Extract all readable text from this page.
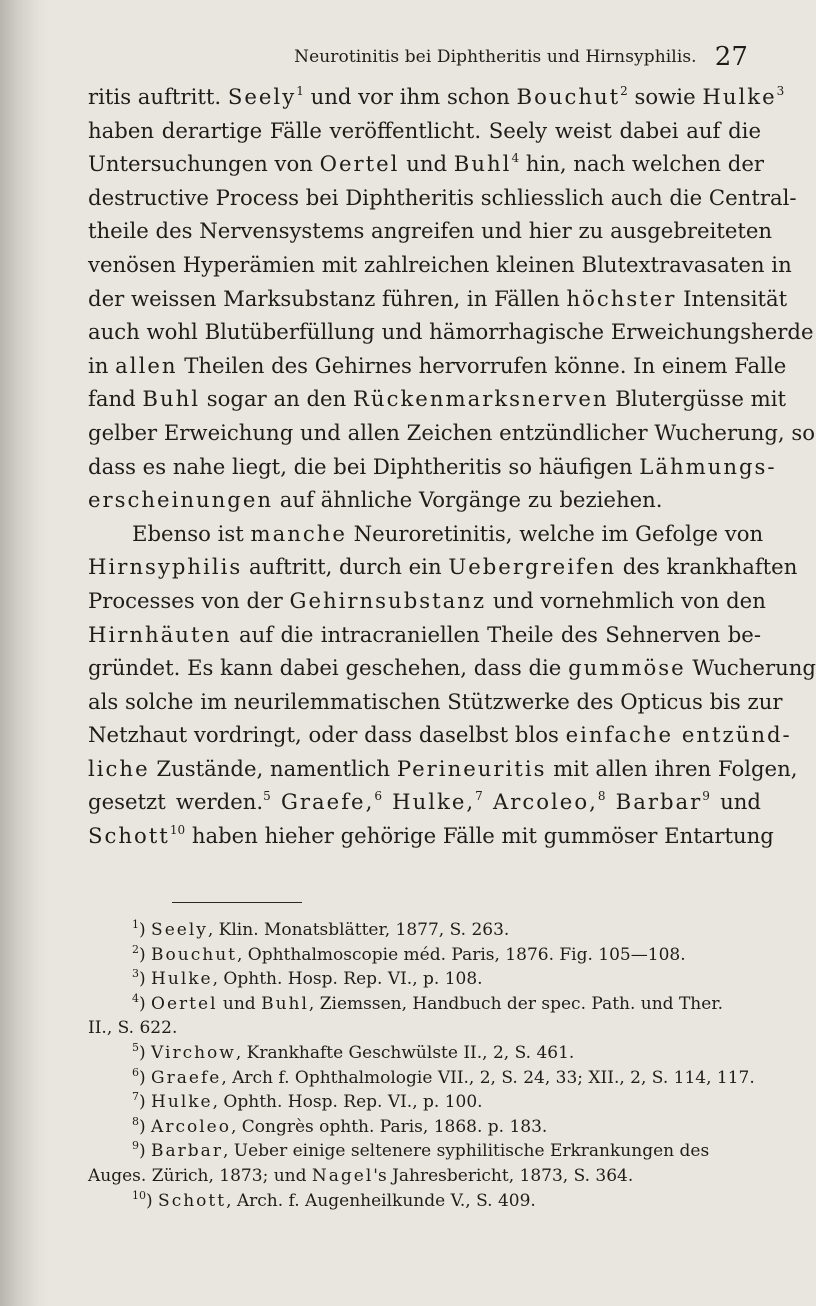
Neurotinitis bei Diphtheritis und Hirnsyphilis. 27
ritis auftritt. Seely$^1$ und vor ihm schon Bouchut$^2$ sowie Hulke$^3$
haben derartige Fälle veröffentlicht. Seely weist dabei auf die
Untersuchungen von Oertel und Buhl$^4$ hin, nach welchen der
destructive Process bei Diphtheritis schliesslich auch die Central-
theile des Nervensystems angreifen und hier zu ausgebreiteten
venösen Hyperämien mit zahlreichen kleinen Blutextravasaten in
der weissen Marksubstanz führen, in Fällen höchster Intensität
auch wohl Blutüberfüllung und hämorrhagische Erweichungsherde
in allen Theilen des Gehirnes hervorrufen könne. In einem Falle
fand Buhl sogar an den Rückenmarksnerven Blutergüsse mit
gelber Erweichung und allen Zeichen entzündlicher Wucherung, so
dass es nahe liegt, die bei Diphtheritis so häufigen Lähmungs-
erscheinungen auf ähnliche Vorgänge zu beziehen.
Ebenso ist manche Neuroretinitis, welche im Gefolge von
Hirnsyphilis auftritt, durch ein Uebergreifen des krankhaften
Processes von der Gehirnsubstanz und vornehmlich von den
Hirnhäuten auf die intracraniellen Theile des Sehnerven be-
gründet. Es kann dabei geschehen, dass die gummöse Wucherung
als solche im neurilemmatischen Stützwerke des Opticus bis zur
Netzhaut vordringt, oder dass daselbst blos einfache entzünd-
liche Zustände, namentlich Perineuritis mit allen ihren Folgen,
gesetzt werden.$^5$ Graefe,$^6$ Hulke,$^7$ Arcoleo,$^8$ Barbar$^9$ und
Schott$^{10}$ haben hieher gehörige Fälle mit gummöser Entartung
$^1$) Seely, Klin. Monatsblätter, 1877, S. 263.
$^2$) Bouchut, Ophthalmoscopie méd. Paris, 1876. Fig. 105—108.
$^3$) Hulke, Ophth. Hosp. Rep. VI., p. 108.
$^4$) Oertel und Buhl, Ziemssen, Handbuch der spec. Path. und Ther.
II., S. 622.
$^5$) Virchow, Krankhafte Geschwülste II., 2, S. 461.
$^6$) Graefe, Arch f. Ophthalmologie VII., 2, S. 24, 33; XII., 2, S. 114, 117.
$^7$) Hulke, Ophth. Hosp. Rep. VI., p. 100.
$^8$) Arcoleo, Congrès ophth. Paris, 1868. p. 183.
$^9$) Barbar, Ueber einige seltenere syphilitische Erkrankungen des
Auges. Zürich, 1873; und Nagel's Jahresbericht, 1873, S. 364.
$^{10}$) Schott, Arch. f. Augenheilkunde V., S. 409.
